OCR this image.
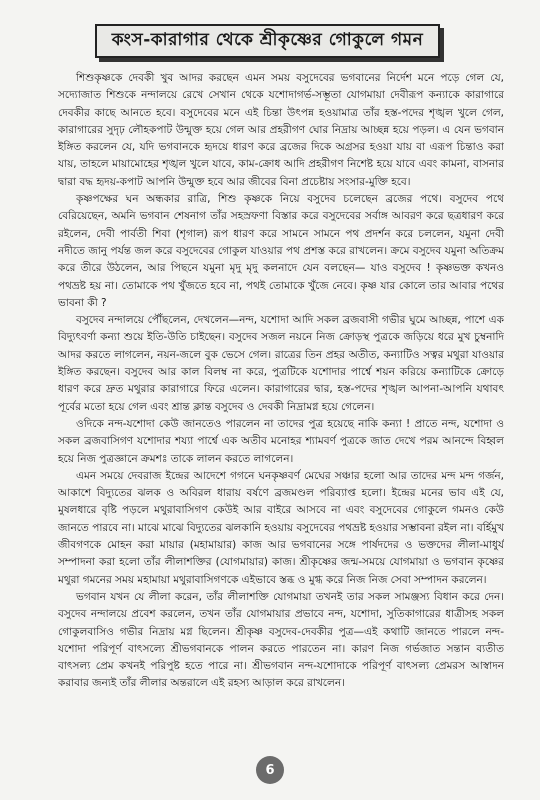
কংস-কারাগার থেকে শ্রীকৃষ্ণের গোকুলে গমন

শিশুকৃষ্ণকে দেবকী খুব আদর করছেন এমন সময় বসুদেবের ভগবানের নির্দেশ মনে পড়ে গেল যে, সদ্যোজাত শিশুকে নন্দালয়ে রেখে সেখান থেকে যশোদাগর্ভ-সম্ভূতা যোগমায়া দেবীরূপ কন্যাকে কারাগারে দেবকীর কাছে আনতে হবে। বসুদেবের মনে এই চিন্তা উৎপন্ন হওয়ামাত্র তাঁর হস্ত-পদের শৃঙ্খল খুলে গেল, কারাগারের সুদৃঢ় লৌহকপাট উন্মুক্ত হয়ে গেল আর প্রহরীগণ ঘোর নিদ্রায় আচ্ছন্ন হয়ে পড়ল। এ যেন ভগবান ইঙ্গিত করলেন যে, যদি ভগবানকে হৃদয়ে ধারণ করে ব্রজের দিকে অগ্রসর হওয়া যায় বা এরূপ চিন্তাও করা যায়, তাহলে মায়ামোহের শৃঙ্খল খুলে যাবে, কাম-ক্রোধ আদি প্রহরীগণ নিশেষ্ট হয়ে যাবে এবং কামনা, বাসনার দ্বারা বদ্ধ হৃদয়-কপাট আপনি উন্মুক্ত হবে আর জীবের বিনা প্রচেষ্টায় সংসার-মুক্তি হবে।

কৃষ্ণপক্ষের ঘন অন্ধকার রাত্রি, শিশু কৃষ্ণকে নিয়ে বসুদেব চলেছেন ব্রজের পথে। বসুদেব পথে বেরিয়েছেন, অমনি ভগবান শেষনাগ তাঁর সহস্রফণা বিস্তার করে বসুদেবের সর্বাঙ্গ আবরণ করে ছত্রধারণ করে রইলেন, দেবী পার্বতী শিবা (শৃগাল) রূপ ধারণ করে সামনে সামনে পথ প্রদর্শন করে চললেন, যমুনা দেবী নদীতে জানু পর্যন্ত জল করে বসুদেবের গোকুল যাওয়ার পথ প্রশস্ত করে রাখলেন। ক্রমে বসুদেব যমুনা অতিক্রম করে তীরে উঠলেন, আর পিছনে যমুনা মৃদু মৃদু কলনাদে যেন বলছেন— যাও বসুদেব ! কৃষ্ণভক্ত কখনও পথভ্রষ্ট হয় না। তোমাকে পথ খুঁজতে হবে না, পথই তোমাকে খুঁজে নেবে। কৃষ্ণ যার কোলে তার আবার পথের ভাবনা কী ?

বসুদেব নন্দালয়ে পৌঁছলেন, দেখলেন—নন্দ, যশোদা আদি সকল ব্রজবাসী গভীর ঘুমে আচ্ছন্ন, পাশে এক বিদ্যুৎবর্ণা কন্যা শুয়ে ইতি-উতি চাইছেন। বসুদেব সজল নয়নে নিজ ক্রোড়স্থ পুত্রকে জড়িয়ে ধরে মুখ চুম্বনাদি আদর করতে লাগলেন, নয়ন-জলে বুক ভেসে গেল। রাত্রের তিন প্রহর অতীত, কন্যাটিও সত্বর মথুরা যাওয়ার ইঙ্গিত করছেন। বসুদেব আর কাল বিলম্ব না করে, পুত্রটিকে যশোদার পার্শ্বে শয়ন করিয়ে কন্যাটিকে ক্রোড়ে ধারণ করে দ্রুত মথুরার কারাগারে ফিরে এলেন। কারাগারের দ্বার, হস্ত-পদের শৃঙ্খল আপনা-আপনি যথাবৎ পূর্বের মতো হয়ে গেল এবং শ্রান্ত ক্লান্ত বসুদেব ও দেবকী নিদ্রামগ্ন হয়ে গেলেন।

ওদিকে নন্দ-যশোদা কেউ জানতেও পারলেন না তাদের পুত্র হয়েছে নাকি কন্যা ! প্রাতে নন্দ, যশোদা ও সকল ব্রজবাসিগণ যশোদার শয্যা পার্শ্বে এক অতীব মনোহর শ্যামবর্ণ পুত্রকে জাত দেখে পরম আনন্দে বিহ্বল হয়ে নিজ পুত্রজ্ঞানে ক্রমশঃ তাকে লালন করতে লাগলেন।

এমন সময়ে দেবরাজ ইন্দ্রের আদেশে গগনে ঘনকৃষ্ণবর্ণ মেঘের সঞ্চার হলো আর তাদের মন্দ মন্দ গর্জন, আকাশে বিদ্যুতের ঝলক ও অবিরল ধারায় বর্ষণে ব্রজমণ্ডল পরিব্যাপ্ত হলো। ইন্দ্রের মনের ভাব এই যে, মুষলধারে বৃষ্টি পড়লে মথুরাবাসিগণ কেউই আর বাইরে আসবে না এবং বসুদেবের গোকুলে গমনও কেউ জানতে পারবে না। মাঝে মাঝে বিদ্যুতের ঝলকানি হওয়ায় বসুদেবের পথভ্রষ্ট হওয়ার সম্ভাবনা রইল না। বর্হিমুখ জীবগণকে মোহন করা মায়ার (মহামায়ার) কাজ আর ভগবানের সঙ্গে পার্ষদদের ও ভক্তদের লীলা-মাধুর্য সম্পাদনা করা হলো তাঁর লীলাশক্তির (যোগমায়ার) কাজ। শ্রীকৃষ্ণের জন্ম-সময়ে যোগমায়া ও ভগবান কৃষ্ণের মথুরা গমনের সময় মহামায়া মথুরাবাসিগণকে এইভাবে স্তব্ধ ও মুগ্ধ করে নিজ নিজ সেবা সম্পাদন করলেন।

ভগবান যখন যে লীলা করেন, তাঁর লীলাশক্তি যোগমায়া তখনই তার সকল সামঞ্জস্য বিধান করে দেন। বসুদেব নন্দালয়ে প্রবেশ করলেন, তখন তাঁর যোগমায়ার প্রভাবে নন্দ, যশোদা, সুতিকাগারের ধাত্রীসহ সকল গোকুলবাসিও গভীর নিদ্রায় মগ্ন ছিলেন। শ্রীকৃষ্ণ বসুদেব-দেবকীর পুত্র—এই কথাটি জানতে পারলে নন্দ-যশোদা পরিপূর্ণ বাৎসল্যে শ্রীভগবানকে পালন করতে পারতেন না। কারণ নিজ গর্ভজাত সন্তান ব্যতীত বাৎসল্য প্রেম কখনই পরিপুষ্ট হতে পারে না। শ্রীভগবান নন্দ-যশোদাকে পরিপূর্ণ বাৎসল্য প্রেমরস আস্বাদন করাবার জন্যই তাঁর লীলার অন্তরালে এই রহস্য আড়াল করে রাখলেন।

6
